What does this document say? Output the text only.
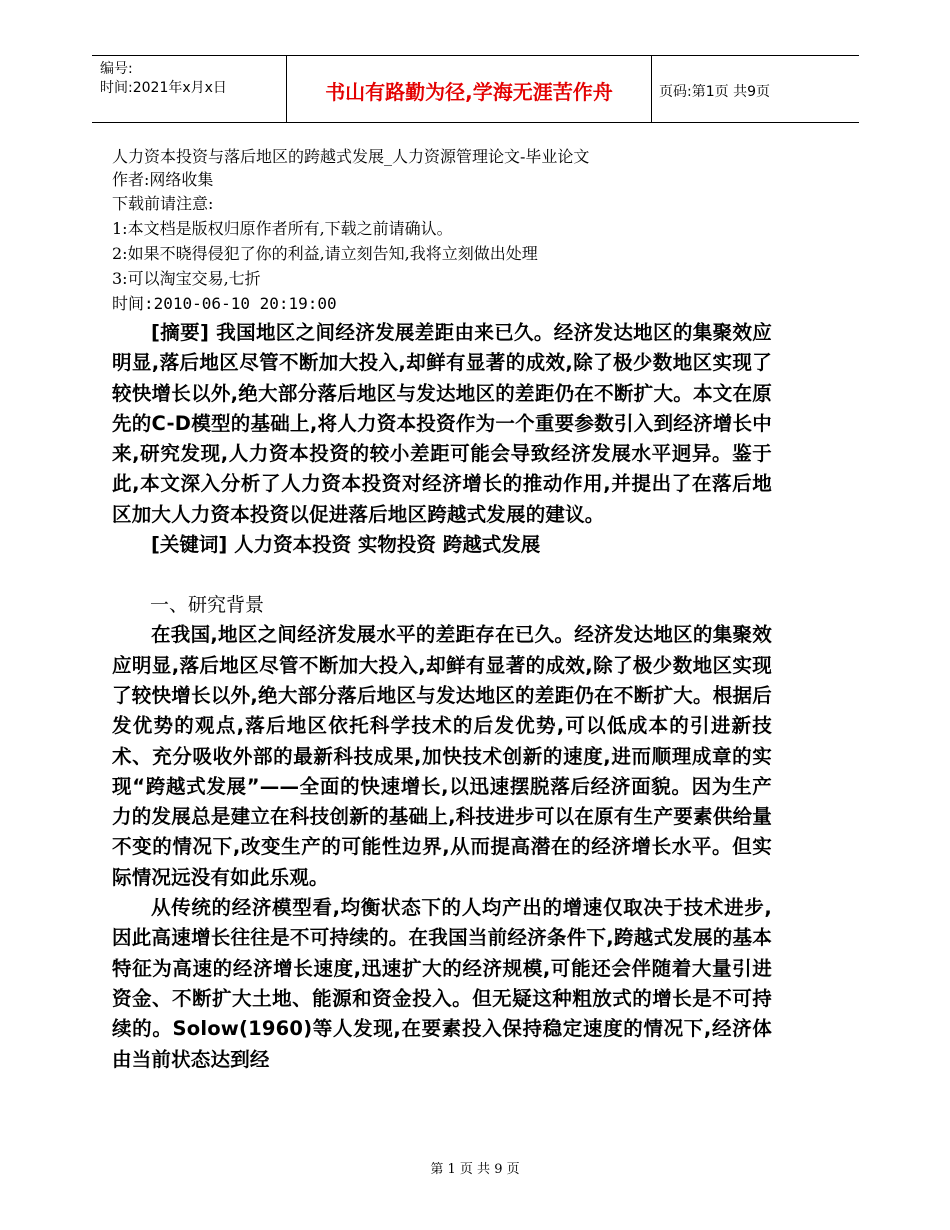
编号:
时间:2021年x月x日	书山有路勤为径,学海无涯苦作舟	页码:第1页 共9页
人力资本投资与落后地区的跨越式发展_人力资源管理论文-毕业论文
作者:网络收集
下载前请注意:
1:本文档是版权归原作者所有,下载之前请确认。
2:如果不晓得侵犯了你的利益,请立刻告知,我将立刻做出处理
3:可以淘宝交易,七折
时间:2010-06-10 20:19:00

[摘要] 我国地区之间经济发展差距由来已久。经济发达地区的集聚效应明显,落后地区尽管不断加大投入,却鲜有显著的成效,除了极少数地区实现了较快增长以外,绝大部分落后地区与发达地区的差距仍在不断扩大。本文在原先的C-D模型的基础上,将人力资本投资作为一个重要参数引入到经济增长中来,研究发现,人力资本投资的较小差距可能会导致经济发展水平迥异。鉴于此,本文深入分析了人力资本投资对经济增长的推动作用,并提出了在落后地区加大人力资本投资以促进落后地区跨越式发展的建议。

[关键词] 人力资本投资 实物投资 跨越式发展

一、研究背景

在我国,地区之间经济发展水平的差距存在已久。经济发达地区的集聚效应明显,落后地区尽管不断加大投入,却鲜有显著的成效,除了极少数地区实现了较快增长以外,绝大部分落后地区与发达地区的差距仍在不断扩大。根据后发优势的观点,落后地区依托科学技术的后发优势,可以低成本的引进新技术、充分吸收外部的最新科技成果,加快技术创新的速度,进而顺理成章的实现“跨越式发展”——全面的快速增长,以迅速摆脱落后经济面貌。因为生产力的发展总是建立在科技创新的基础上,科技进步可以在原有生产要素供给量不变的情况下,改变生产的可能性边界,从而提高潜在的经济增长水平。但实际情况远没有如此乐观。

从传统的经济模型看,均衡状态下的人均产出的增速仅取决于技术进步,因此高速增长往往是不可持续的。在我国当前经济条件下,跨越式发展的基本特征为高速的经济增长速度,迅速扩大的经济规模,可能还会伴随着大量引进资金、不断扩大土地、能源和资金投入。但无疑这种粗放式的增长是不可持续的。Solow(1960)等人发现,在要素投入保持稳定速度的情况下,经济体由当前状态达到经

第 1 页 共 9 页
